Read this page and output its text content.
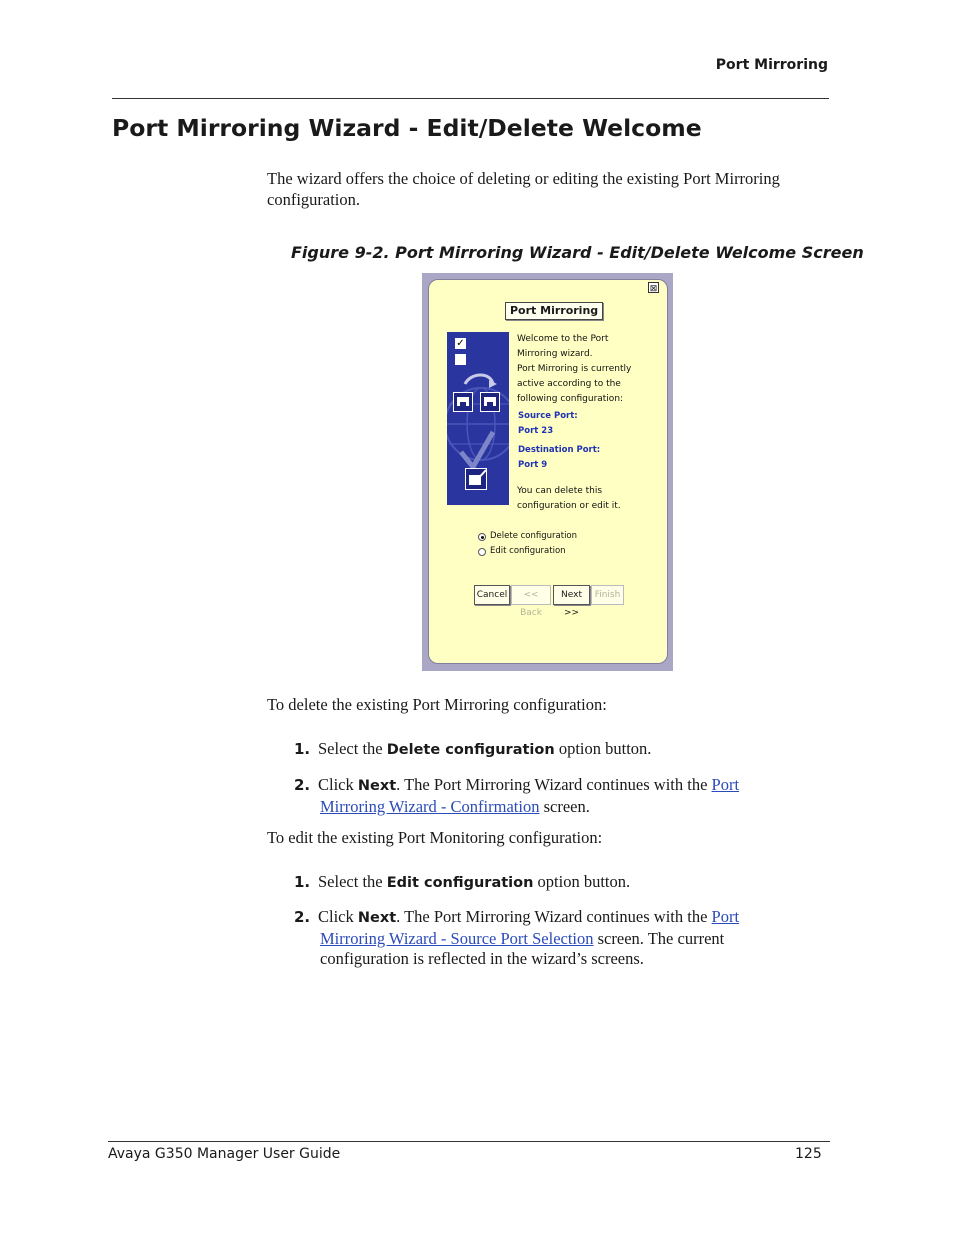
Port Mirroring
Port Mirroring Wizard - Edit/Delete Welcome
The wizard offers the choice of deleting or editing the existing Port Mirroring configuration.
Figure 9-2. Port Mirroring Wizard - Edit/Delete Welcome Screen
⊠
Port Mirroring
✓	Welcome to the Port
Mirroring wizard.
Port Mirroring is currently
active according to the
following configuration:
Source Port:
Port 23
Destination Port:
Port 9
You can delete this
configuration or edit it.
Delete configuration
Edit configuration
Cancel	<< Back
Next >>
Finish
To delete the existing Port Mirroring configuration:
1. Select the Delete configuration option button.
2. Click Next. The Port Mirroring Wizard continues with the Port
Mirroring Wizard - Confirmation screen.
To edit the existing Port Monitoring configuration:
1. Select the Edit configuration option button.
2. Click Next. The Port Mirroring Wizard continues with the Port
Mirroring Wizard - Source Port Selection screen. The current
configuration is reflected in the wizard’s screens.
Avaya G350 Manager User Guide	125
